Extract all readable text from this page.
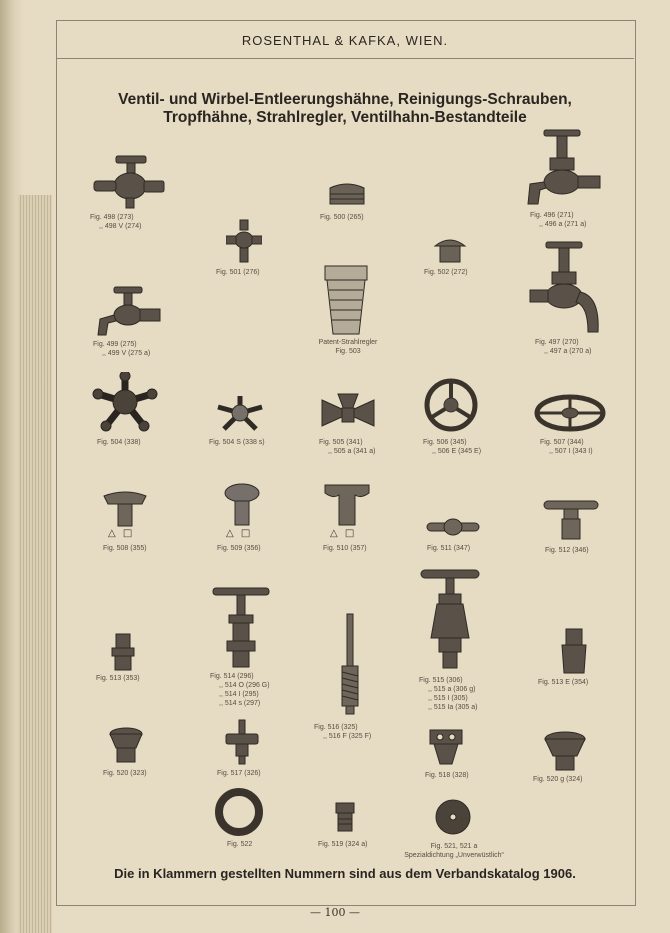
ROSENTHAL & KAFKA, WIEN.
Ventil- und Wirbel-Entleerungshähne, Reinigungs-Schrauben,
Tropfhähne, Strahlregler, Ventilhahn-Bestandteile
Fig. 498 (273)
,, 498 V (274)
Fig. 501 (276)
Fig. 500 (265)
Fig. 502 (272)
Fig. 496 (271)
,, 496 a (271 a)
Fig. 499 (275)
,, 499 V (275 a)
Patent-Strahlregler
Fig. 503
Fig. 497 (270)
,, 497 a (270 a)
Fig. 504 (338)	Fig. 504 S (338 s)	Fig. 505 (341)
,, 505 a (341 a)
Fig. 506 (345)
,, 506 E (345 E)
Fig. 507 (344)
,, 507 I (343 I)
△ □
Fig. 508 (355)
△ □
Fig. 509 (356)
△ □
Fig. 510 (357)	Fig. 511 (347)	Fig. 512 (346)
Fig. 513 (353)	Fig. 514 (296)
,, 514 O (296 G)
,, 514 I (295)
,, 514 s (297)
Fig. 516 (325)
,, 516 F (325 F)
Fig. 515 (306)
,, 515 a (306 g)
,, 515 I (305)
,, 515 Ia (305 a)
Fig. 513 E (354)
Fig. 520 (323)	Fig. 517 (326)	Fig. 518 (328)
Fig. 520 g (324)
Fig. 522	Fig. 519 (324 a)	Fig. 521, 521 a
Spezialdichtung „Unverwüstlich“
Die in Klammern gestellten Nummern sind aus dem Verbandskatalog 1906.
— 100 —
